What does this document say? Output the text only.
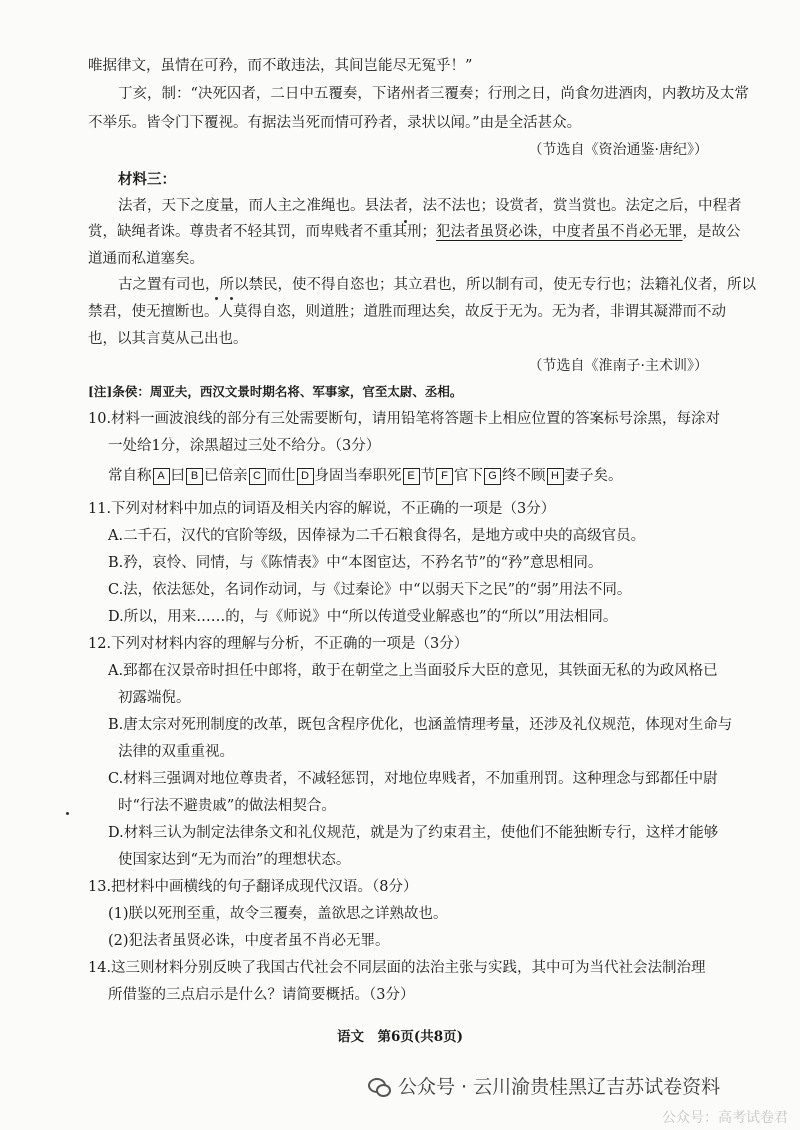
唯据律文，虽情在可矜，而不敢违法，其间岂能尽无冤乎！”
丁亥，制：“决死囚者，二日中五覆奏，下诸州者三覆奏；行刑之日，尚食勿进酒肉，内教坊及太常
不举乐。皆令门下覆视。有据法当死而情可矜者，录状以闻。”由是全活甚众。
（节选自《资治通鉴·唐纪》）
材料三：
法者，天下之度量，而人主之准绳也。县法者，法不法也；设赏者，赏当赏也。法定之后，中程者
赏，缺绳者诛。尊贵者不轻其罚，而卑贱者不重其刑；犯法者虽贤必诛，中度者虽不肖必无罪，是故公
道通而私道塞矣。
古之置有司也，所以禁民，使不得自恣也；其立君也，所以制有司，使无专行也；法籍礼仪者，所以
禁君，使无擅断也。人莫得自恣，则道胜；道胜而理达矣，故反于无为。无为者，非谓其凝滞而不动
也，以其言莫从己出也。
（节选自《淮南子·主术训》）
[注]条侯：周亚夫，西汉文景时期名将、军事家，官至太尉、丞相。
10.材料一画波浪线的部分有三处需要断句，请用铅笔将答题卡上相应位置的答案标号涂黑，每涂对
一处给1分，涂黑超过三处不给分。（3分）
常自称 A 曰 B 已倍亲 C 而仕 D 身固当奉职死 E 节 F 官下 G 终不顾 H 妻子矣。
11.下列对材料中加点的词语及相关内容的解说，不正确的一项是（3分）
A.二千石，汉代的官阶等级，因俸禄为二千石粮食得名，是地方或中央的高级官员。
B.矜，哀怜、同情，与《陈情表》中“本图宦达，不矜名节”的“矜”意思相同。
C.法，依法惩处，名词作动词，与《过秦论》中“以弱天下之民”的“弱”用法不同。
D.所以，用来……的，与《师说》中“所以传道受业解惑也”的“所以”用法相同。
12.下列对材料内容的理解与分析，不正确的一项是（3分）
A.郅都在汉景帝时担任中郎将，敢于在朝堂之上当面驳斥大臣的意见，其铁面无私的为政风格已
初露端倪。
B.唐太宗对死刑制度的改革，既包含程序优化，也涵盖情理考量，还涉及礼仪规范，体现对生命与
法律的双重重视。
C.材料三强调对地位尊贵者，不减轻惩罚，对地位卑贱者，不加重刑罚。这种理念与郅都任中尉
时“行法不避贵戚”的做法相契合。
D.材料三认为制定法律条文和礼仪规范，就是为了约束君主，使他们不能独断专行，这样才能够
使国家达到“无为而治”的理想状态。
13.把材料中画横线的句子翻译成现代汉语。（8分）
(1)朕以死刑至重，故令三覆奏，盖欲思之详熟故也。
(2)犯法者虽贤必诛，中度者虽不肖必无罪。
14.这三则材料分别反映了我国古代社会不同层面的法治主张与实践，其中可为当代社会法制治理
所借鉴的三点启示是什么？请简要概括。（3分）
语文　第6页(共8页)
公众号 · 云川渝贵桂黑辽吉苏试卷资料
公众号：高考试卷君
